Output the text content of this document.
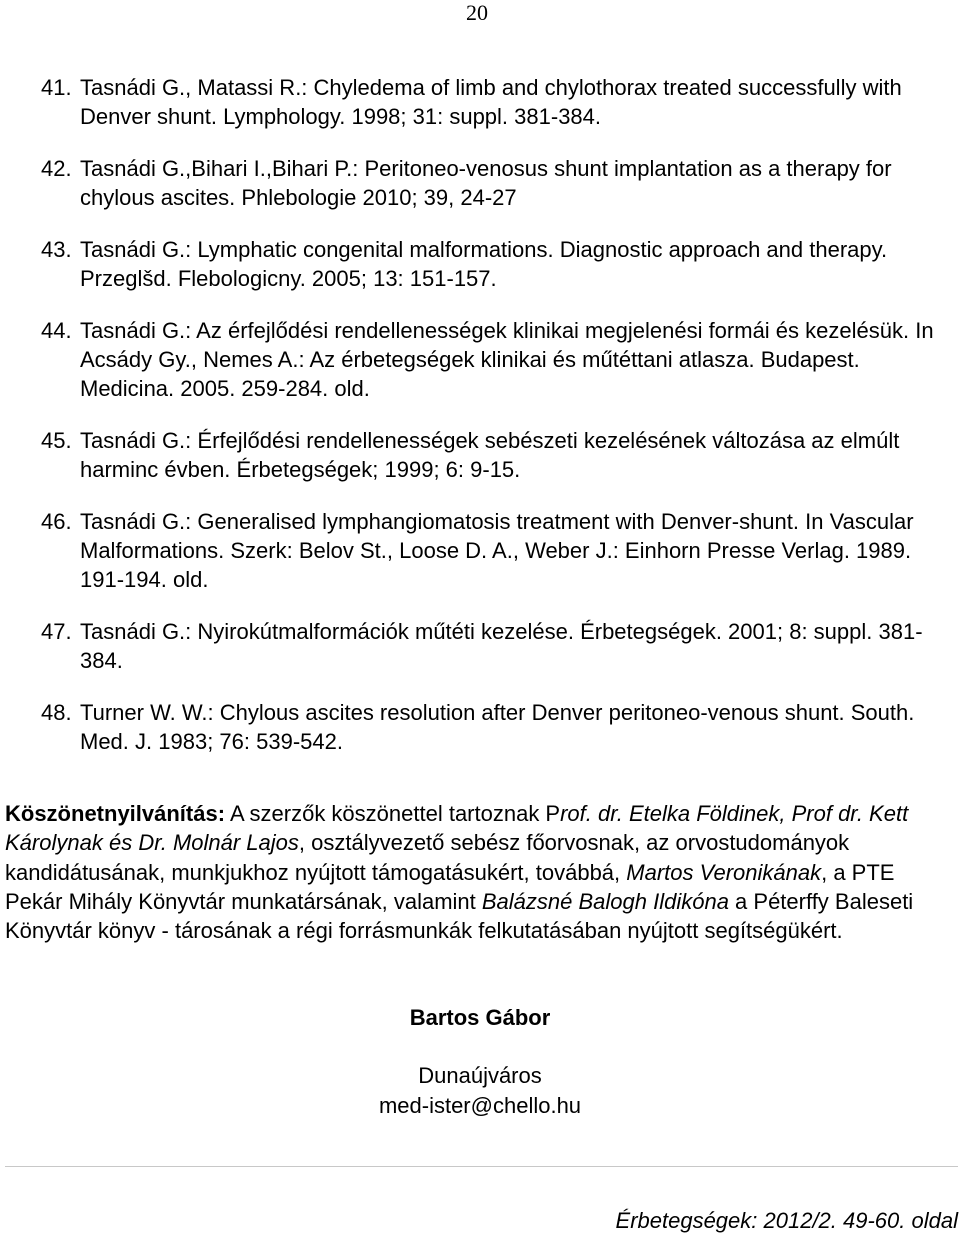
20
41. Tasnádi G., Matassi R.: Chyledema of limb and chylothorax treated successfully with Denver shunt. Lymphology. 1998; 31: suppl. 381-384.
42. Tasnádi G.,Bihari I.,Bihari P.: Peritoneo-venosus shunt implantation as a therapy for chylous ascites. Phlebologie 2010; 39, 24-27
43. Tasnádi G.: Lymphatic congenital malformations. Diagnostic approach and therapy. Przeglšd. Flebologicny. 2005; 13: 151-157.
44. Tasnádi G.: Az érfejlődési rendellenességek klinikai megjelenési formái és kezelésük. In Acsády Gy., Nemes A.: Az érbetegségek klinikai és műtéttani atlasza. Budapest. Medicina. 2005. 259-284. old.
45. Tasnádi G.: Érfejlődési rendellenességek sebészeti kezelésének változása az elmúlt harminc évben. Érbetegségek; 1999; 6: 9-15.
46. Tasnádi G.: Generalised lymphangiomatosis treatment with Denver-shunt. In Vascular Malformations. Szerk: Belov St., Loose D. A., Weber J.: Einhorn Presse Verlag. 1989. 191-194. old.
47. Tasnádi G.: Nyirokútmalformációk műtéti kezelése. Érbetegségek. 2001; 8: suppl. 381-384.
48. Turner W. W.: Chylous ascites resolution after Denver peritoneo-venous shunt. South. Med. J. 1983; 76: 539-542.
Köszönetnyilvánítás: A szerzők köszönettel tartoznak Prof. dr. Etelka Földinek, Prof dr. Kett Károlynak és Dr. Molnár Lajos, osztályvezető sebész főorvosnak, az orvostudományok kandidátusának, munkjukhoz nyújtott támogatásukért, továbbá, Martos Veronikának, a PTE Pekár Mihály Könyvtár munkatársának, valamint Balázsné Balogh Ildikóna a Péterffy Baleseti Könyvtár könyv - tárosának a régi forrásmunkák felkutatásában nyújtott segítségükért.
Bartos Gábor
Dunaújváros
med-ister@chello.hu
Érbetegségek: 2012/2. 49-60. oldal
